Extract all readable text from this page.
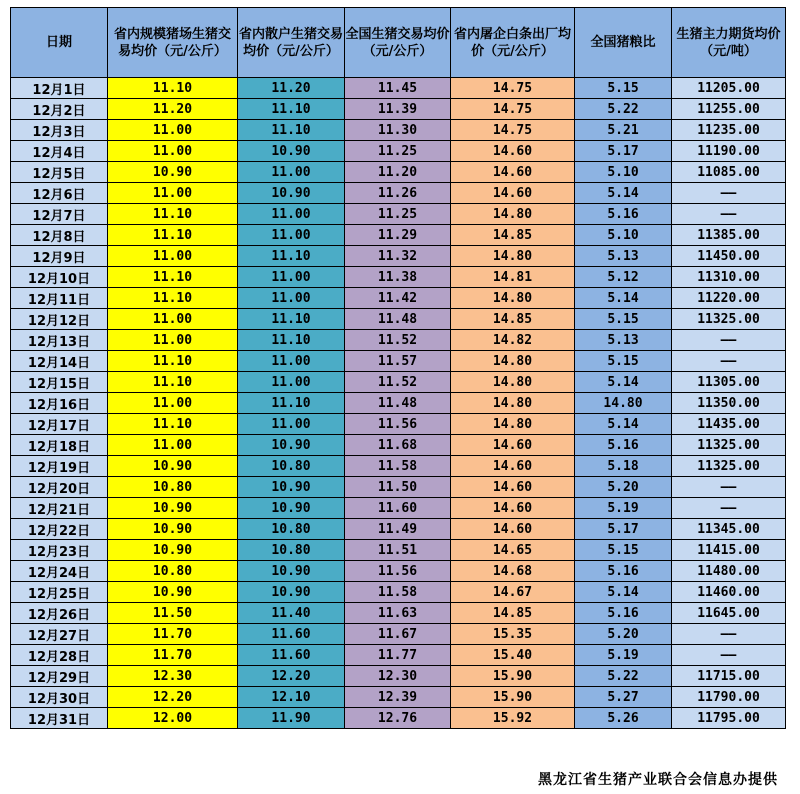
日期	省内规模猪场生猪交易均价（元/公斤）	省内散户生猪交易均价（元/公斤）	全国生猪交易均价（元/公斤）	省内屠企白条出厂均价（元/公斤）	全国猪粮比	生猪主力期货均价（元/吨）
12月1日	11.10	11.20	11.45	14.75	5.15	11205.00
12月2日	11.20	11.10	11.39	14.75	5.22	11255.00
12月3日	11.00	11.10	11.30	14.75	5.21	11235.00
12月4日	11.00	10.90	11.25	14.60	5.17	11190.00
12月5日	10.90	11.00	11.20	14.60	5.10	11085.00
12月6日	11.00	10.90	11.26	14.60	5.14	——
12月7日	11.10	11.00	11.25	14.80	5.16	——
12月8日	11.10	11.00	11.29	14.85	5.10	11385.00
12月9日	11.00	11.10	11.32	14.80	5.13	11450.00
12月10日	11.10	11.00	11.38	14.81	5.12	11310.00
12月11日	11.10	11.00	11.42	14.80	5.14	11220.00
12月12日	11.00	11.10	11.48	14.85	5.15	11325.00
12月13日	11.00	11.10	11.52	14.82	5.13	——
12月14日	11.10	11.00	11.57	14.80	5.15	——
12月15日	11.10	11.00	11.52	14.80	5.14	11305.00
12月16日	11.00	11.10	11.48	14.80	14.80	11350.00
12月17日	11.10	11.00	11.56	14.80	5.14	11435.00
12月18日	11.00	10.90	11.68	14.60	5.16	11325.00
12月19日	10.90	10.80	11.58	14.60	5.18	11325.00
12月20日	10.80	10.90	11.50	14.60	5.20	——
12月21日	10.90	10.90	11.60	14.60	5.19	——
12月22日	10.90	10.80	11.49	14.60	5.17	11345.00
12月23日	10.90	10.80	11.51	14.65	5.15	11415.00
12月24日	10.80	10.90	11.56	14.68	5.16	11480.00
12月25日	10.90	10.90	11.58	14.67	5.14	11460.00
12月26日	11.50	11.40	11.63	14.85	5.16	11645.00
12月27日	11.70	11.60	11.67	15.35	5.20	——
12月28日	11.70	11.60	11.77	15.40	5.19	——
12月29日	12.30	12.20	12.30	15.90	5.22	11715.00
12月30日	12.20	12.10	12.39	15.90	5.27	11790.00
12月31日	12.00	11.90	12.76	15.92	5.26	11795.00
黑龙江省生猪产业联合会信息办提供
